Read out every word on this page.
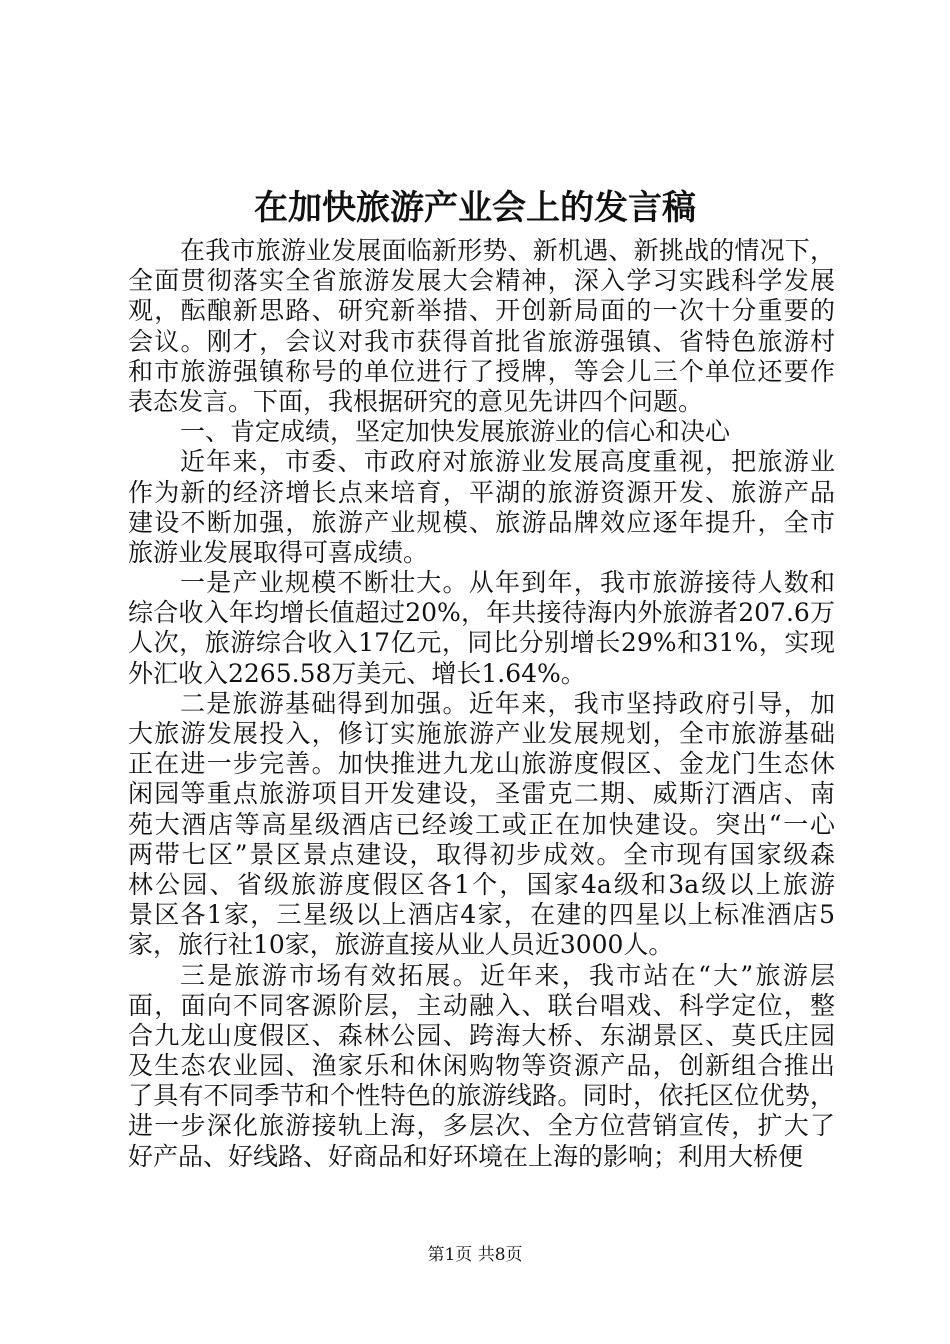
在加快旅游产业会上的发言稿
在我市旅游业发展面临新形势、新机遇、新挑战的情况下，
全面贯彻落实全省旅游发展大会精神，深入学习实践科学发展
观，酝酿新思路、研究新举措、开创新局面的一次十分重要的
会议。刚才，会议对我市获得首批省旅游强镇、省特色旅游村
和市旅游强镇称号的单位进行了授牌，等会儿三个单位还要作
表态发言。下面，我根据研究的意见先讲四个问题。
一、肯定成绩，坚定加快发展旅游业的信心和决心
近年来，市委、市政府对旅游业发展高度重视，把旅游业
作为新的经济增长点来培育，平湖的旅游资源开发、旅游产品
建设不断加强，旅游产业规模、旅游品牌效应逐年提升，全市
旅游业发展取得可喜成绩。
一是产业规模不断壮大。从年到年，我市旅游接待人数和
综合收入年均增长值超过20%，年共接待海内外旅游者207.6万
人次，旅游综合收入17亿元，同比分别增长29%和31%，实现
外汇收入2265.58万美元、增长1.64%。
二是旅游基础得到加强。近年来，我市坚持政府引导，加
大旅游发展投入，修订实施旅游产业发展规划，全市旅游基础
正在进一步完善。加快推进九龙山旅游度假区、金龙门生态休
闲园等重点旅游项目开发建设，圣雷克二期、威斯汀酒店、南
苑大酒店等高星级酒店已经竣工或正在加快建设。突出“一心
两带七区”景区景点建设，取得初步成效。全市现有国家级森
林公园、省级旅游度假区各1个，国家4a级和3a级以上旅游
景区各1家，三星级以上酒店4家，在建的四星以上标准酒店5
家，旅行社10家，旅游直接从业人员近3000人。
三是旅游市场有效拓展。近年来，我市站在“大”旅游层
面，面向不同客源阶层，主动融入、联台唱戏、科学定位，整
合九龙山度假区、森林公园、跨海大桥、东湖景区、莫氏庄园
及生态农业园、渔家乐和休闲购物等资源产品，创新组合推出
了具有不同季节和个性特色的旅游线路。同时，依托区位优势，
进一步深化旅游接轨上海，多层次、全方位营销宣传，扩大了
好产品、好线路、好商品和好环境在上海的影响；利用大桥便
第1页 共8页
